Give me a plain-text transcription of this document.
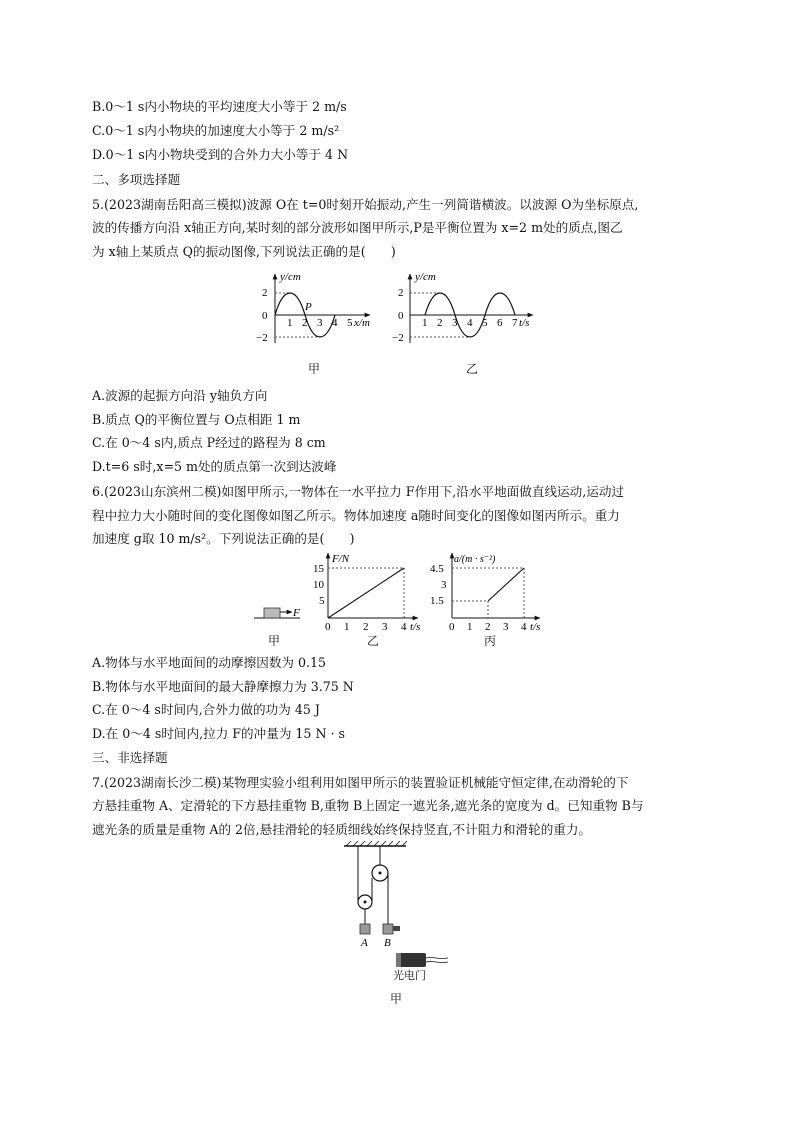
B.0～1 s内小物块的平均速度大小等于 2 m/s
C.0～1 s内小物块的加速度大小等于 2 m/s²
D.0～1 s内小物块受到的合外力大小等于 4 N
二、多项选择题
5.(2023湖南岳阳高三模拟)波源 O在 t=0时刻开始振动,产生一列简谐横波。以波源 O为坐标原点,
波的传播方向沿 x轴正方向,某时刻的部分波形如图甲所示,P是平衡位置为 x=2 m处的质点,图乙
为 x轴上某质点 Q的振动图像,下列说法正确的是(　　)
y/cm
2
0
−2
1 2 3 4 5 x/m
P
甲
y/cm
2
0
−2
1 2 3 4 5 6 7 t/s
乙
A.波源的起振方向沿 y轴负方向
B.质点 Q的平衡位置与 O点相距 1 m
C.在 0～4 s内,质点 P经过的路程为 8 cm
D.t=6 s时,x=5 m处的质点第一次到达波峰
6.(2023山东滨州二模)如图甲所示,一物体在一水平拉力 F作用下,沿水平地面做直线运动,运动过
程中拉力大小随时间的变化图像如图乙所示。物体加速度 a随时间变化的图像如图丙所示。重力
加速度 g取 10 m/s²。下列说法正确的是(　　)
F
甲
F/N
15
10
5
0 1 2 3 4 t/s
乙
a/(m · s⁻²)
4.5
3
1.5
0 1 2 3 4 t/s
丙
A.物体与水平地面间的动摩擦因数为 0.15
B.物体与水平地面间的最大静摩擦力为 3.75 N
C.在 0～4 s时间内,合外力做的功为 45 J
D.在 0～4 s时间内,拉力 F的冲量为 15 N · s
三、非选择题
7.(2023湖南长沙二模)某物理实验小组利用如图甲所示的装置验证机械能守恒定律,在动滑轮的下
方悬挂重物 A、定滑轮的下方悬挂重物 B,重物 B上固定一遮光条,遮光条的宽度为 d。已知重物 B与
遮光条的质量是重物 A的 2倍,悬挂滑轮的轻质细线始终保持竖直,不计阻力和滑轮的重力。
A B
光电门
甲
